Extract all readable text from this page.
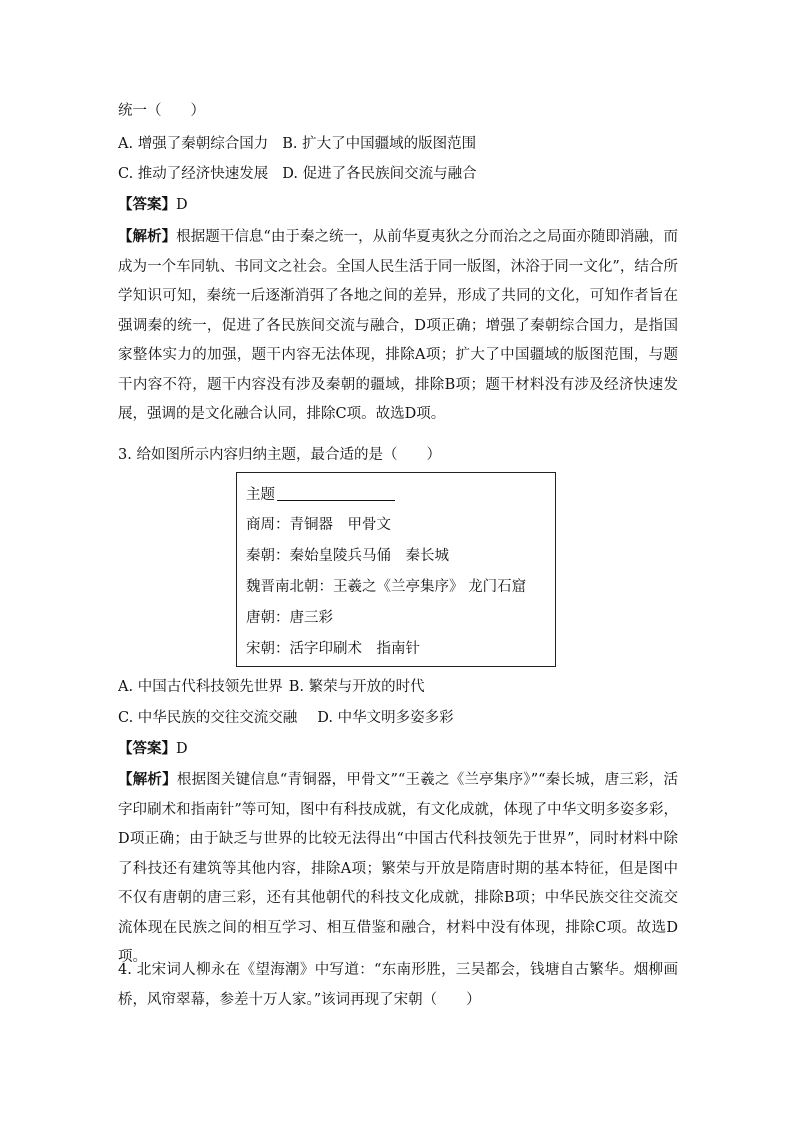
统一（　　）
A. 增强了秦朝综合国力 B. 扩大了中国疆域的版图范围
C. 推动了经济快速发展 D. 促进了各民族间交流与融合
【答案】D
【解析】根据题干信息“由于秦之统一，从前华夏夷狄之分而治之之局面亦随即消融，而成为一个车同轨、书同文之社会。全国人民生活于同一版图，沐浴于同一文化”，结合所学知识可知，秦统一后逐渐消弭了各地之间的差异，形成了共同的文化，可知作者旨在强调秦的统一，促进了各民族间交流与融合，D项正确；增强了秦朝综合国力，是指国家整体实力的加强，题干内容无法体现，排除A项；扩大了中国疆域的版图范围，与题干内容不符，题干内容没有涉及秦朝的疆域，排除B项；题干材料没有涉及经济快速发展，强调的是文化融合认同，排除C项。故选D项。
3. 给如图所示内容归纳主题，最合适的是（　　）
主题
商周：青铜器　甲骨文
秦朝：秦始皇陵兵马俑　秦长城
魏晋南北朝：王羲之《兰亭集序》 龙门石窟
唐朝：唐三彩
宋朝：活字印刷术　指南针
A. 中国古代科技领先世界 B. 繁荣与开放的时代
C. 中华民族的交往交流交融 D. 中华文明多姿多彩
【答案】D
【解析】根据图关键信息“青铜器，甲骨文”“王羲之《兰亭集序》”“秦长城，唐三彩，活字印刷术和指南针”等可知，图中有科技成就，有文化成就，体现了中华文明多姿多彩，D项正确；由于缺乏与世界的比较无法得出“中国古代科技领先于世界”，同时材料中除了科技还有建筑等其他内容，排除A项；繁荣与开放是隋唐时期的基本特征，但是图中不仅有唐朝的唐三彩，还有其他朝代的科技文化成就，排除B项；中华民族交往交流交流体现在民族之间的相互学习、相互借鉴和融合，材料中没有体现，排除C项。故选D项。
4. 北宋词人柳永在《望海潮》中写道：“东南形胜，三吴都会，钱塘自古繁华。烟柳画桥，风帘翠幕，参差十万人家。”该词再现了宋朝（　　）
